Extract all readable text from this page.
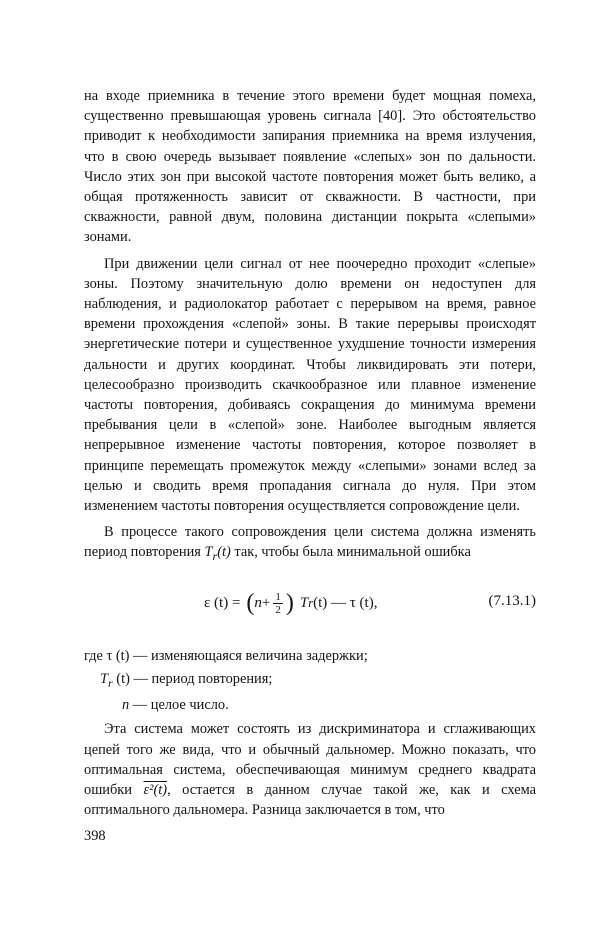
на входе приемника в течение этого времени будет мощная помеха, существенно превышающая уровень сигнала [40]. Это обстоятельство приводит к необходимости запирания приемника на время излучения, что в свою очередь вызывает появление «слепых» зон по дальности. Число этих зон при высокой частоте повторения может быть велико, а общая протяженность зависит от скважности. В частности, при скважности, равной двум, половина дистанции покрыта «слепыми» зонами.

При движении цели сигнал от нее поочередно проходит «слепые» зоны. Поэтому значительную долю времени он недоступен для наблюдения, и радиолокатор работает с перерывом на время, равное времени прохождения «слепой» зоны. В такие перерывы происходят энергетические потери и существенное ухудшение точности измерения дальности и других координат. Чтобы ликвидировать эти потери, целесообразно производить скачкообразное или плавное изменение частоты повторения, добиваясь сокращения до минимума времени пребывания цели в «слепой» зоне. Наиболее выгодным является непрерывное изменение частоты повторения, которое позволяет в принципе перемещать промежуток между «слепыми» зонами вслед за целью и сводить время пропадания сигнала до нуля. При этом изменением частоты повторения осуществляется сопровождение цели.

В процессе такого сопровождения цели система должна изменять период повторения $T_r(t)$ так, чтобы была минимальной ошибка

ε (t) = ( $n + \frac{1}{2}$ ) T r (t) — τ (t),	(7.13.1)

где τ (t) — изменяющаяся величина задержки;

$T_r$ (t) — период повторения;

n — целое число.

Эта система может состоять из дискриминатора и сглаживающих цепей того же вида, что и обычный дальномер. Можно показать, что оптимальная система, обеспечивающая минимум среднего квадрата ошибки ε²(t), остается в данном случае такой же, как и схема оптимального дальномера. Разница заключается в том, что

398
